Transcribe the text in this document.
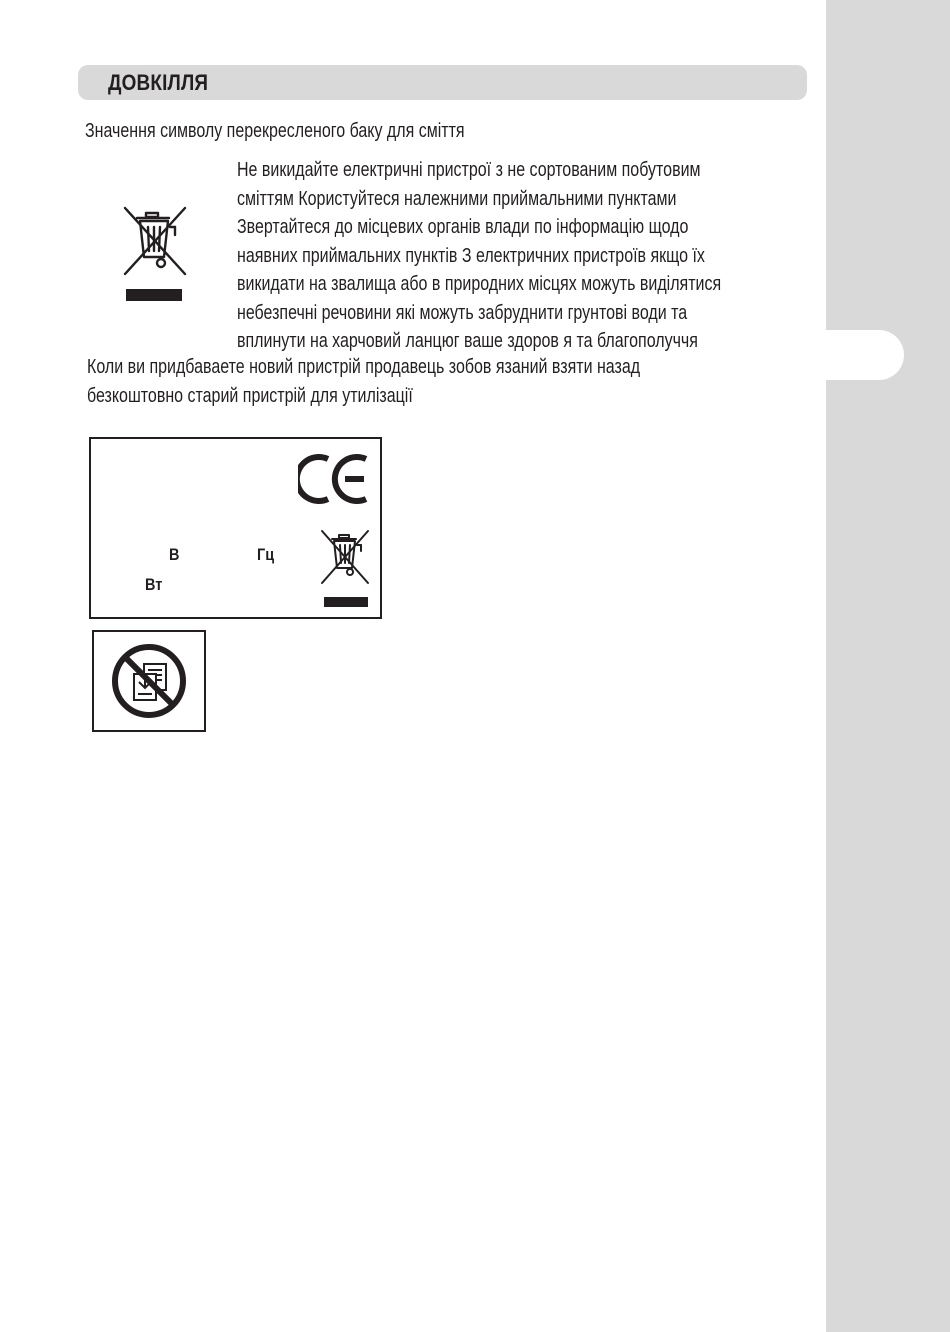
ДОВКІЛЛЯ
Значення символу перекресленого баку для сміття
Не викидайте електричні пристрої з не сортованим побутовим
сміттям Користуйтеся належними приймальними пунктами
Звертайтеся до місцевих органів влади по інформацію щодо
наявних приймальних пунктів З електричних пристроїв якщо їх
викидати на звалища або в природних місцях можуть виділятися
небезпечні речовини які можуть забруднити грунтові води та
вплинути на харчовий ланцюг ваше здоров я та благополуччя
Коли ви придбаваете новий пристрій продавець зобов язаний взяти назад
безкоштовно старий пристрій для утилізації
В	Гц
Вт
